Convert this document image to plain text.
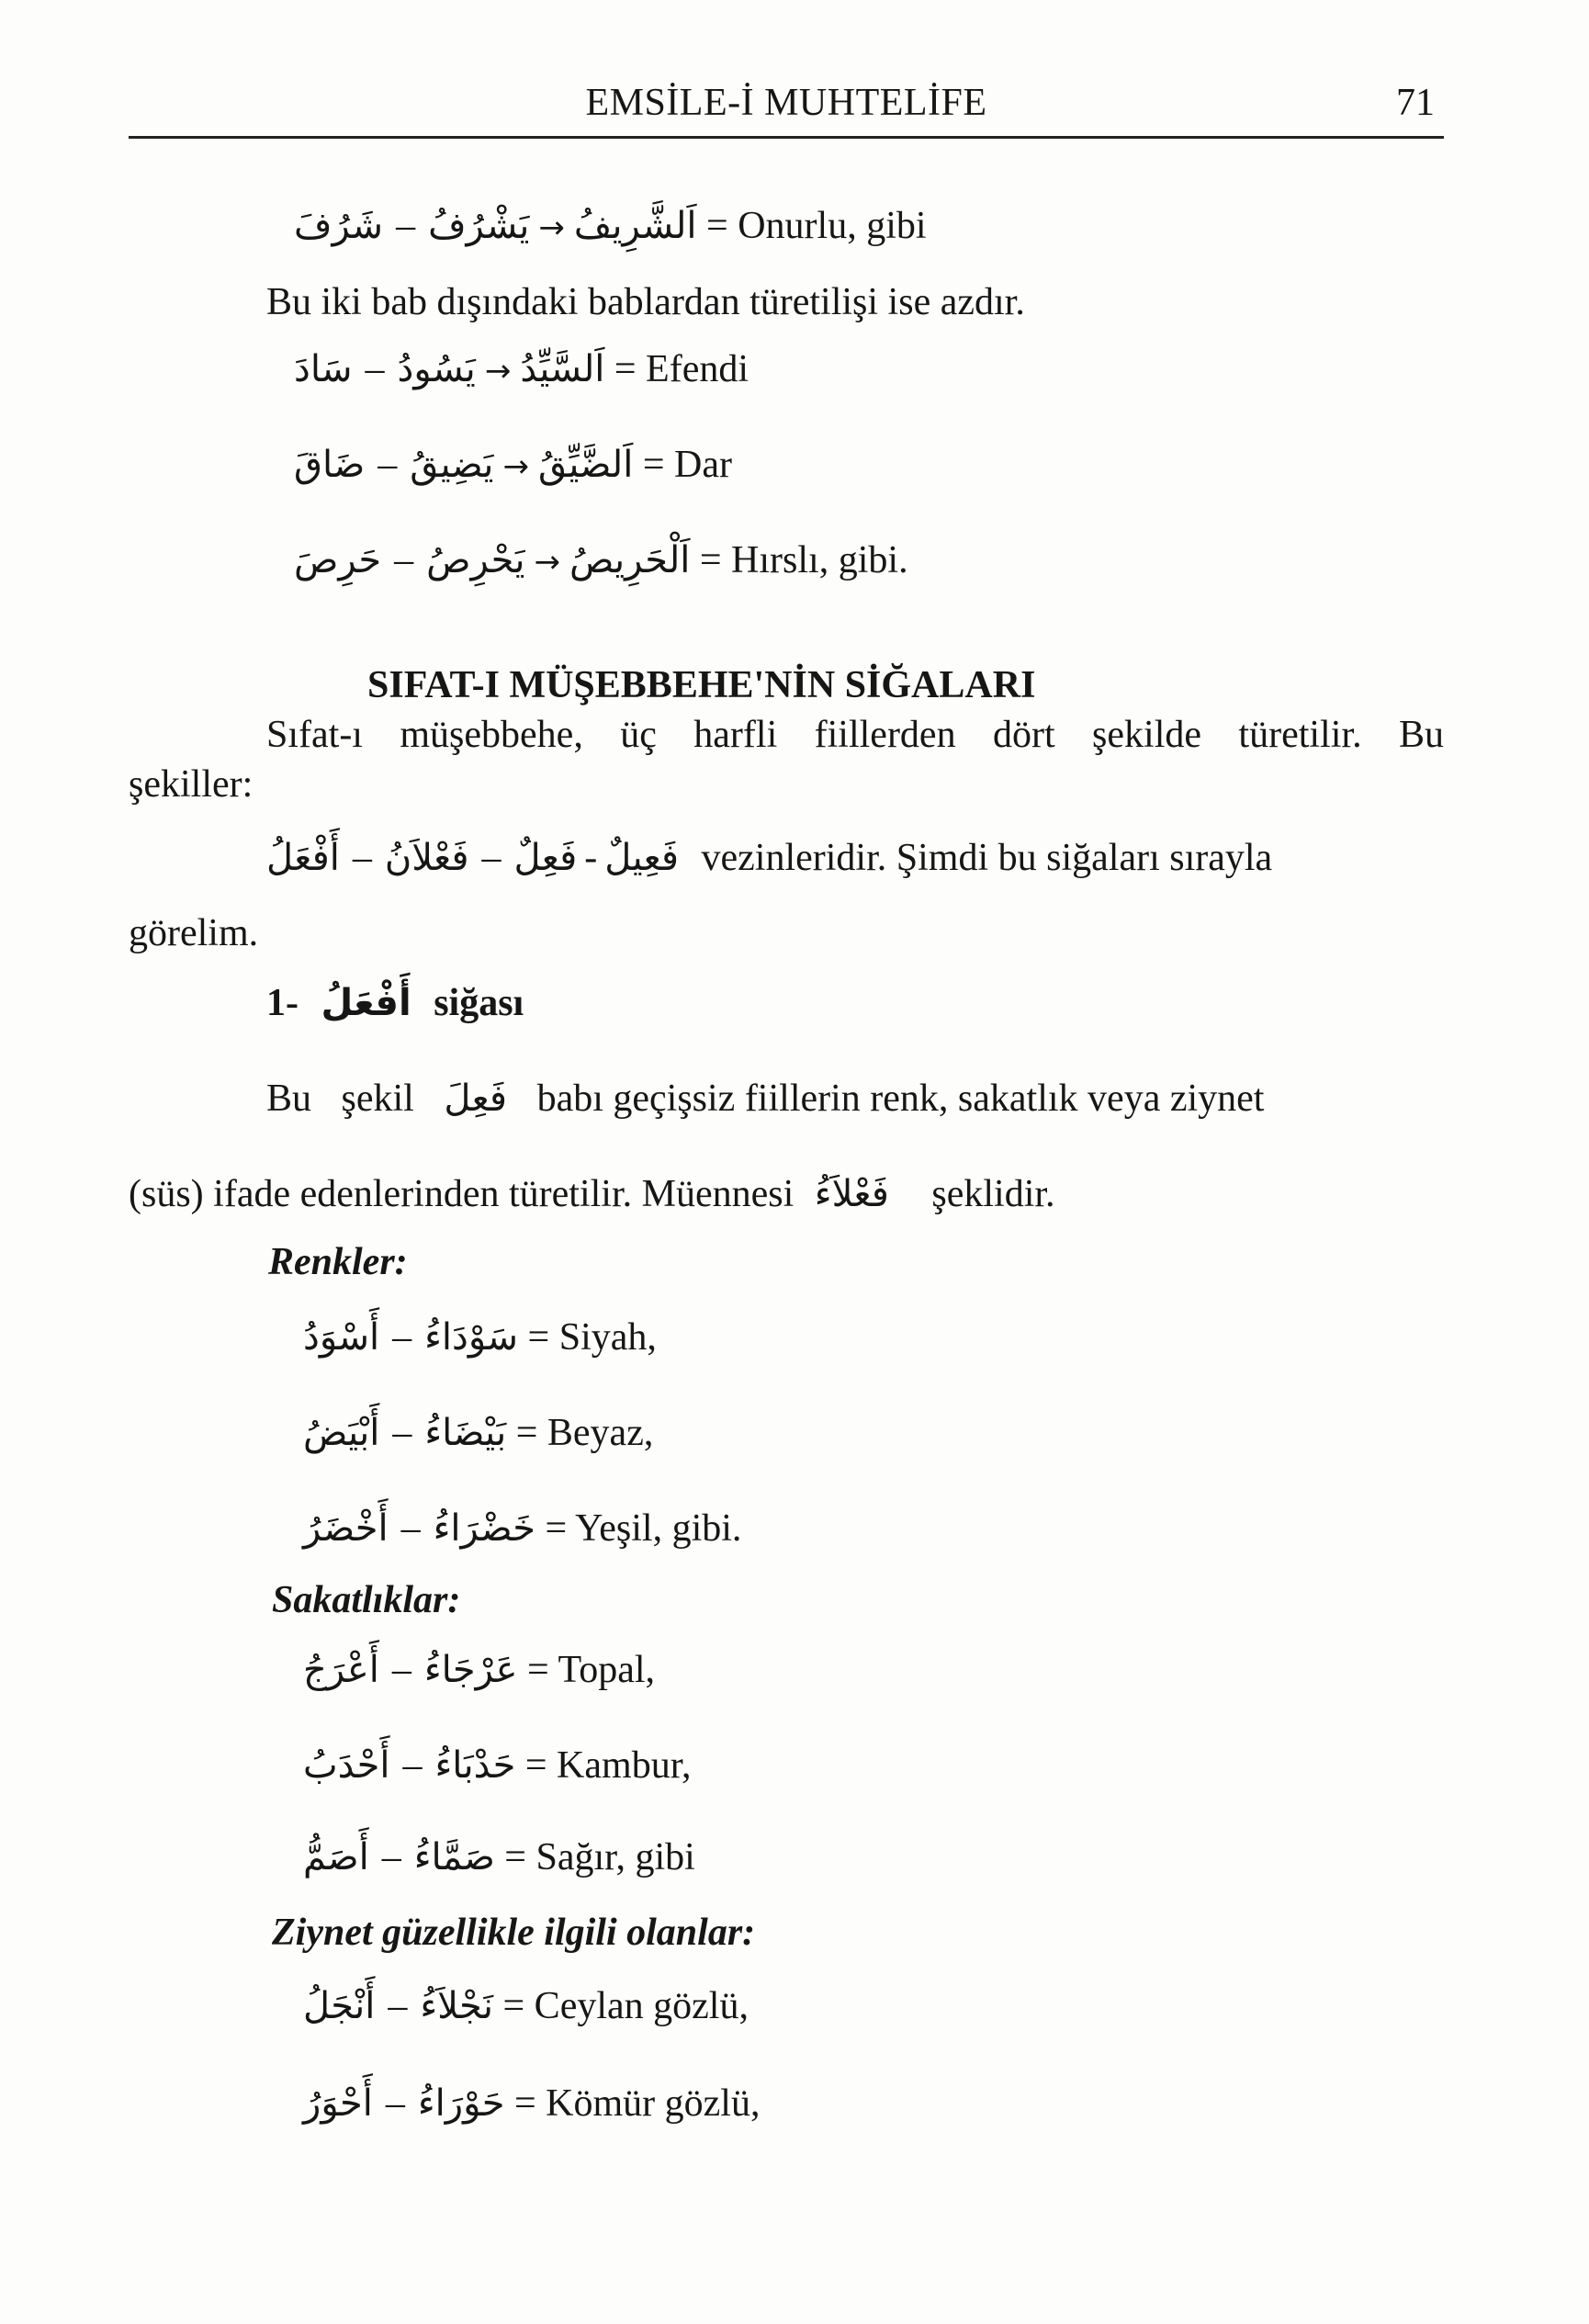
EMSİLE-İ MUHTELİFE	71
شَرُفَ – يَشْرُفُ → اَلشَّرِيفُ = Onurlu, gibi
Bu iki bab dışındaki bablardan türetilişi ise azdır.
سَادَ – يَسُودُ → اَلسَّيِّدُ = Efendi
ضَاقَ – يَضِيقُ → اَلضَّيِّقُ = Dar
حَرِصَ – يَحْرِصُ → اَلْحَرِيصُ = Hırslı, gibi.
SIFAT-I MÜŞEBBEHE'NİN SİĞALARI
Sıfat-ı müşebbehe, üç harfli fiillerden dört şekilde türetilir. Bu
şekiller:
أَفْعَلُ – فَعْلاَنُ – فَعِلٌ - فَعِيلٌ vezinleridir. Şimdi bu siğaları sırayla
görelim.
1- أَفْعَلُ siğası
Bu şekil فَعِلَ babı geçişsiz fiillerin renk, sakatlık veya ziynet
(süs) ifade edenlerinden türetilir. Müennesi فَعْلاَءُ şeklidir.
Renkler:
أَسْوَدُ – سَوْدَاءُ = Siyah,
أَبْيَضُ – بَيْضَاءُ = Beyaz,
أَخْضَرُ – خَضْرَاءُ = Yeşil, gibi.
Sakatlıklar:
أَعْرَجُ – عَرْجَاءُ = Topal,
أَحْدَبُ – حَدْبَاءُ = Kambur,
أَصَمُّ – صَمَّاءُ = Sağır, gibi
Ziynet güzellikle ilgili olanlar:
أَنْجَلُ – نَجْلاَءُ = Ceylan gözlü,
أَحْوَرُ – حَوْرَاءُ = Kömür gözlü,
